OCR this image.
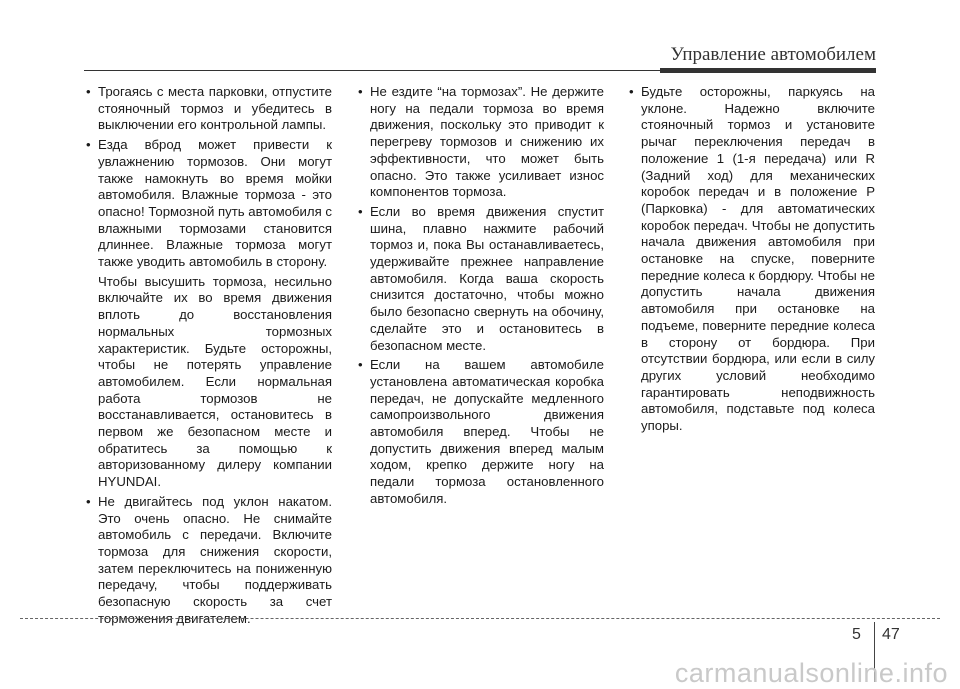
Управление автомобилем
• Трогаясь с места парковки, отпустите стояночный тормоз и убедитесь в выключении его контрольной лампы.
• Езда вброд может привести к увлажнению тормозов. Они могут также намокнуть во время мойки автомобиля. Влажные тормоза - это опасно! Тормозной путь автомобиля с влажными тормозами становится длиннее. Влажные тормоза могут также уводить автомобиль в сторону.
Чтобы высушить тормоза, несильно включайте их во время движения вплоть до восстановления нормальных тормозных характеристик. Будьте осторожны, чтобы не потерять управление автомобилем. Если нормальная работа тормозов не восстанавливается, остановитесь в первом же безопасном месте и обратитесь за помощью к авторизованному дилеру компании HYUNDAI.
• Не двигайтесь под уклон накатом. Это очень опасно. Не снимайте автомобиль с передачи. Включите тормоза для снижения скорости, затем переключитесь на пониженную передачу, чтобы поддерживать безопасную скорость за счет торможения двигателем.
• Не ездите “на тормозах”. Не держите ногу на педали тормоза во время движения, поскольку это приводит к перегреву тормозов и снижению их эффективности, что может быть опасно. Это также усиливает износ компонентов тормоза.
• Если во время движения спустит шина, плавно нажмите рабочий тормоз и, пока Вы останавливаетесь, удерживайте прежнее направление автомобиля. Когда ваша скорость снизится достаточно, чтобы можно было безопасно свернуть на обочину, сделайте это и остановитесь в безопасном месте.
• Если на вашем автомобиле установлена автоматическая коробка передач, не допускайте медленного самопроизвольного движения автомобиля вперед. Чтобы не допустить движения вперед малым ходом, крепко держите ногу на педали тормоза остановленного автомобиля.
• Будьте осторожны, паркуясь на уклоне. Надежно включите стояночный тормоз и установите рычаг переключения передач в положение 1 (1-я передача) или R (Задний ход) для механических коробок передач и в положение P (Парковка) - для автоматических коробок передач. Чтобы не допустить начала движения автомобиля при остановке на спуске, поверните передние колеса к бордюру. Чтобы не допустить начала движения автомобиля при остановке на подъеме, поверните передние колеса в сторону от бордюра. При отсутствии бордюра, или если в силу других условий необходимо гарантировать неподвижность автомобиля, подставьте под колеса упоры.
5 47
carmanualsonline.info
